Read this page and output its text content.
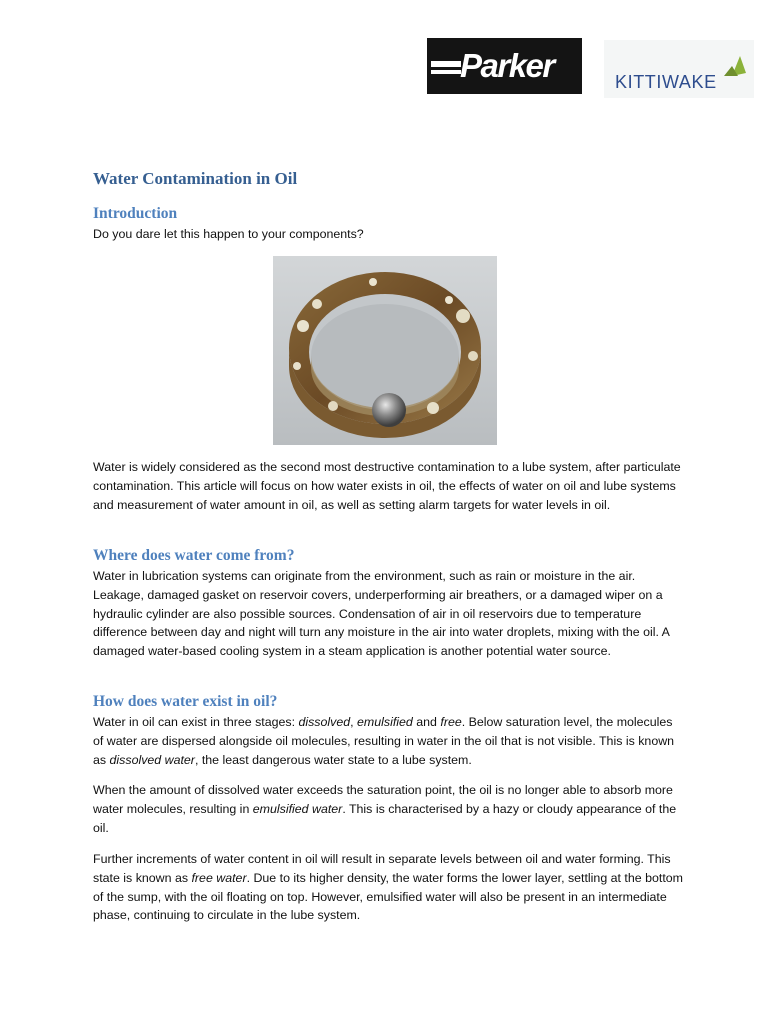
Parker	KITTIWAKE
Water Contamination in Oil
Introduction

Do you dare let this happen to your components?

Water is widely considered as the second most destructive contamination to a lube system, after particulate contamination. This article will focus on how water exists in oil, the effects of water on oil and lube systems and measurement of water amount in oil, as well as setting alarm targets for water levels in oil.

Where does water come from?

Water in lubrication systems can originate from the environment, such as rain or moisture in the air. Leakage, damaged gasket on reservoir covers, underperforming air breathers, or a damaged wiper on a hydraulic cylinder are also possible sources. Condensation of air in oil reservoirs due to temperature difference between day and night will turn any moisture in the air into water droplets, mixing with the oil. A damaged water-based cooling system in a steam application is another potential water source.

How does water exist in oil?

Water in oil can exist in three stages: dissolved, emulsified and free. Below saturation level, the molecules of water are dispersed alongside oil molecules, resulting in water in the oil that is not visible. This is known as dissolved water, the least dangerous water state to a lube system.

When the amount of dissolved water exceeds the saturation point, the oil is no longer able to absorb more water molecules, resulting in emulsified water. This is characterised by a hazy or cloudy appearance of the oil.

Further increments of water content in oil will result in separate levels between oil and water forming. This state is known as free water. Due to its higher density, the water forms the lower layer, settling at the bottom of the sump, with the oil floating on top. However, emulsified water will also be present in an intermediate phase, continuing to circulate in the lube system.
